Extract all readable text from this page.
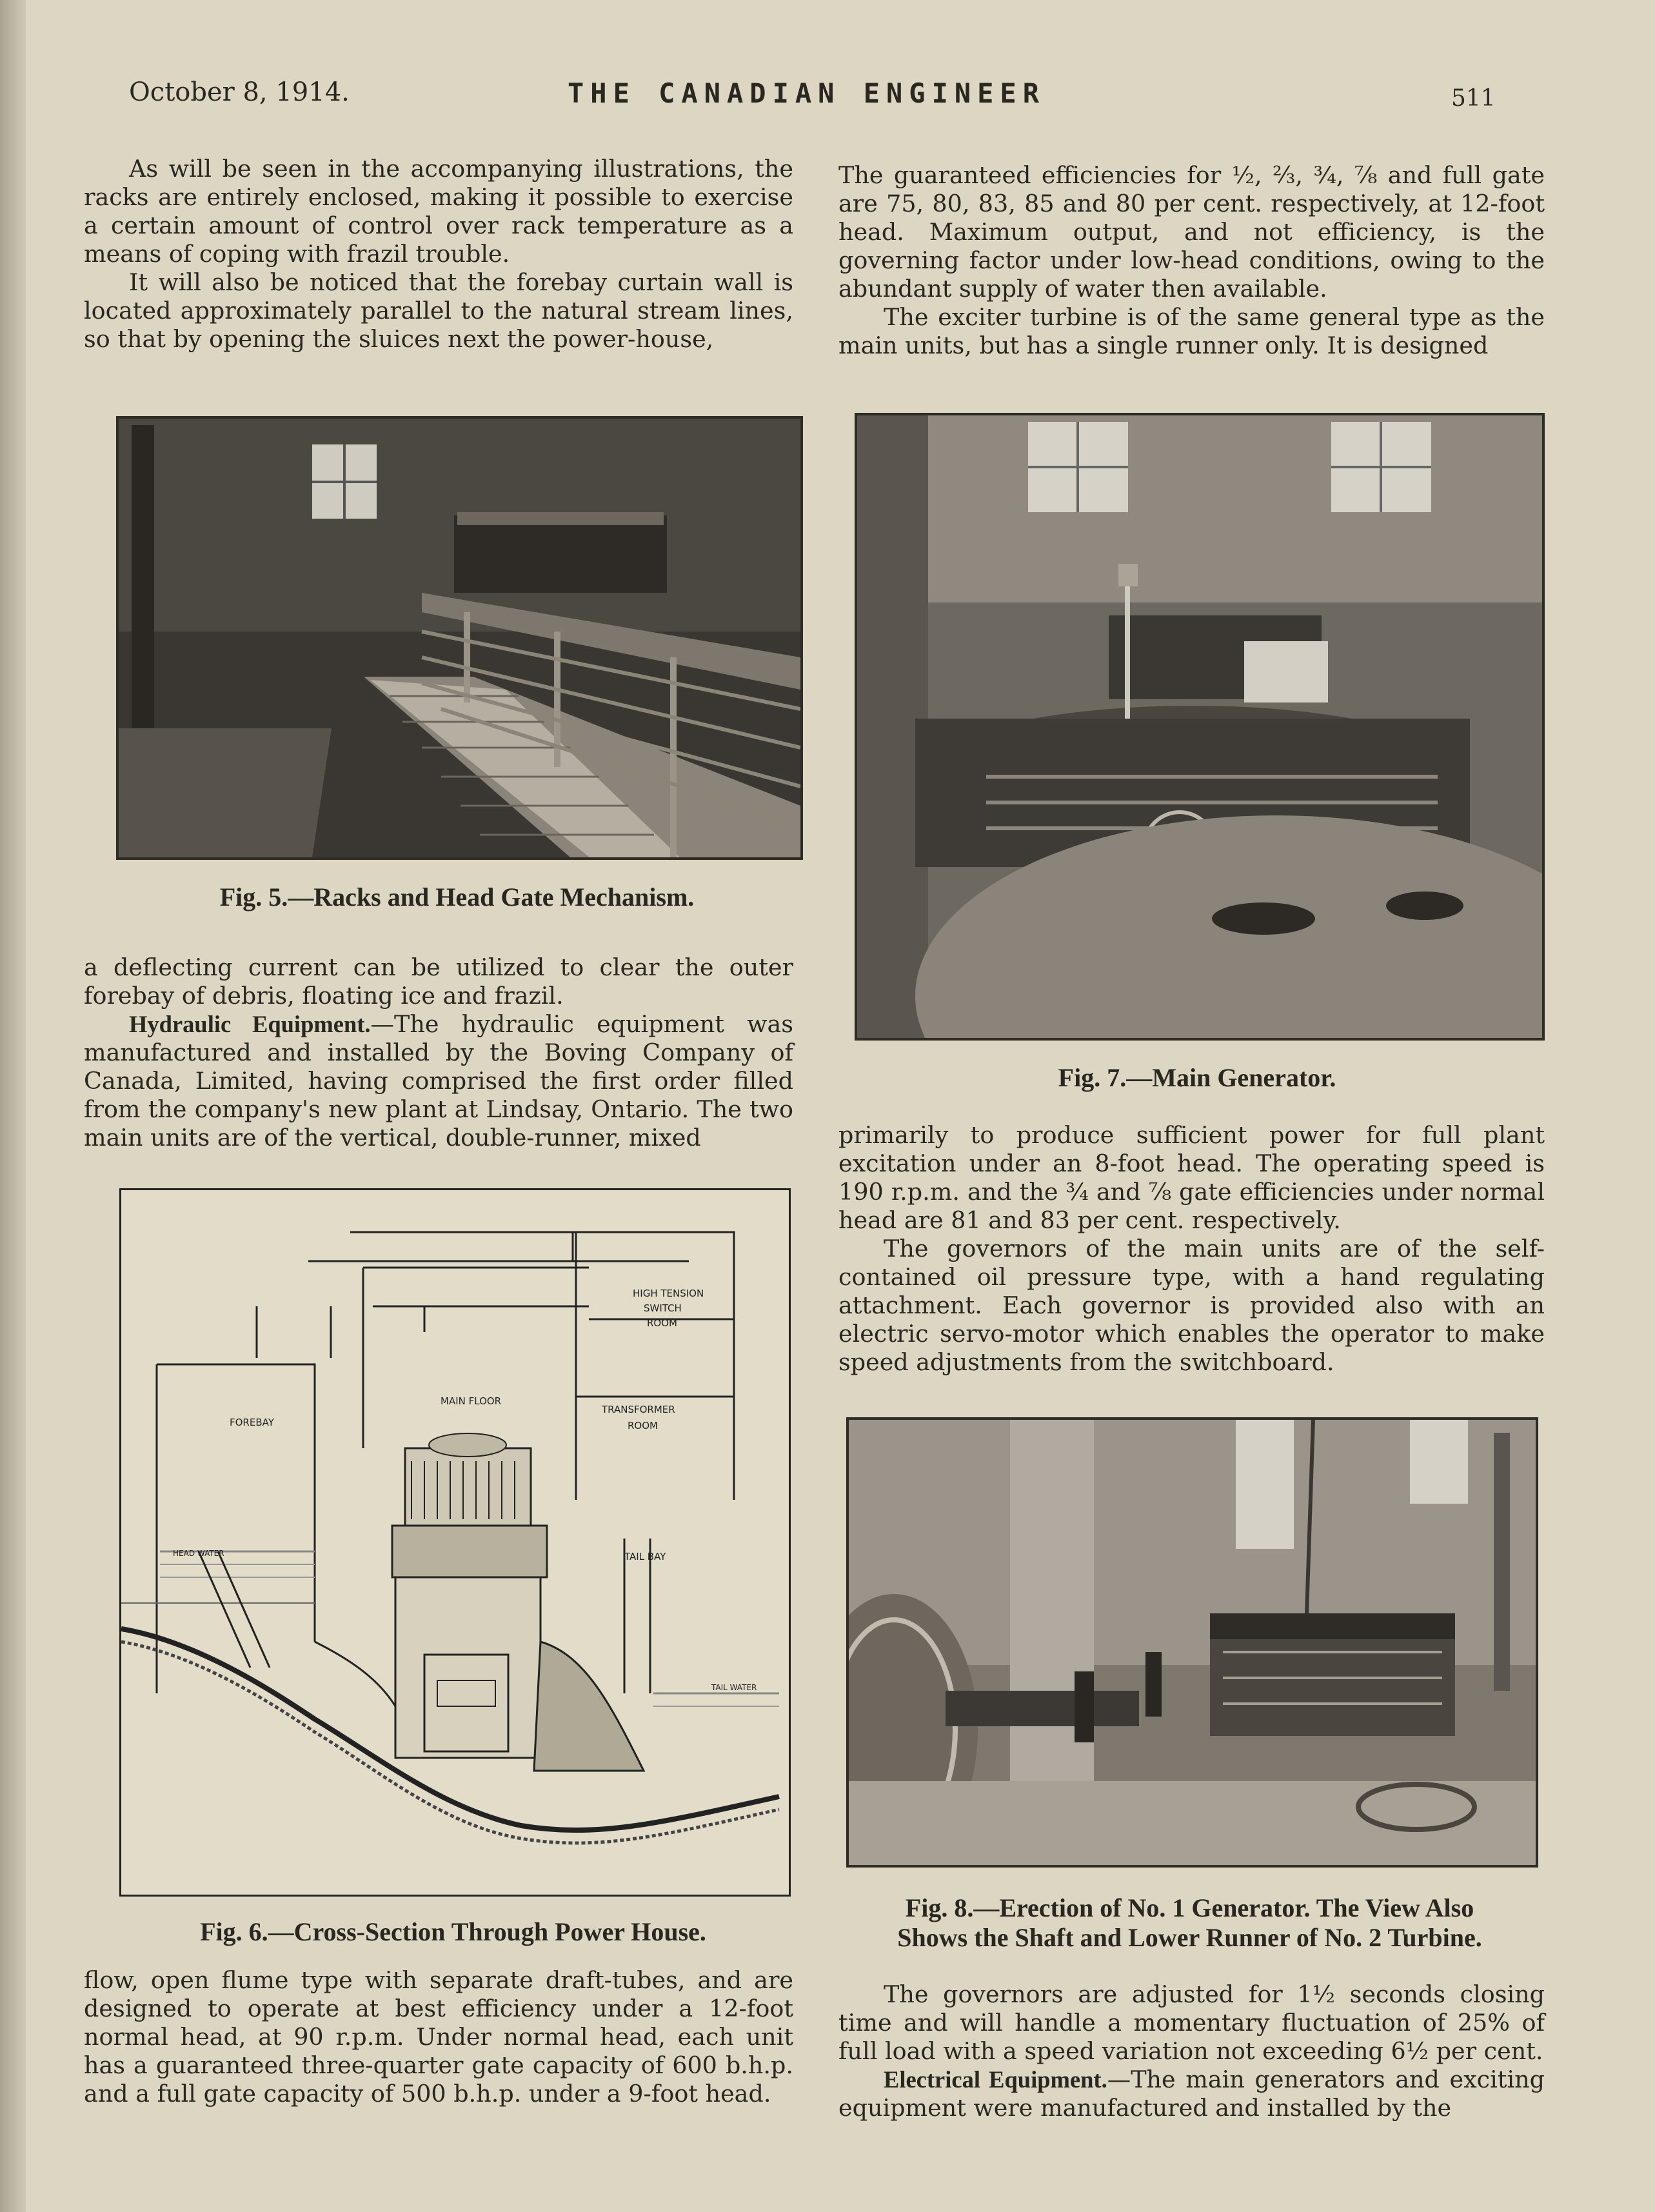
October 8, 1914.	THE CANADIAN ENGINEER	511

As will be seen in the accompanying illustrations, the racks are entirely enclosed, making it possible to exercise a certain amount of control over rack temperature as a means of coping with frazil trouble.

It will also be noticed that the forebay curtain wall is located approximately parallel to the natural stream lines, so that by opening the sluices next the power-house,

Fig. 5.—Racks and Head Gate Mechanism.

a deflecting current can be utilized to clear the outer forebay of debris, floating ice and frazil.

Hydraulic Equipment.—The hydraulic equipment was manufactured and installed by the Boving Company of Canada, Limited, having comprised the first order filled from the company's new plant at Lindsay, Ontario. The two main units are of the vertical, double-runner, mixed

FOREBAY
MAIN FLOOR
HIGH TENSION
SWITCH
ROOM
TRANSFORMER
ROOM
TAIL BAY
HEAD WATER
TAIL WATER
Fig. 6.—Cross-Section Through Power House.

flow, open flume type with separate draft-tubes, and are designed to operate at best efficiency under a 12-foot normal head, at 90 r.p.m. Under normal head, each unit has a guaranteed three-quarter gate capacity of 600 b.h.p. and a full gate capacity of 500 b.h.p. under a 9-foot head.

The guaranteed efficiencies for ½, ⅔, ¾, ⅞ and full gate are 75, 80, 83, 85 and 80 per cent. respectively, at 12-foot head. Maximum output, and not efficiency, is the governing factor under low-head conditions, owing to the abundant supply of water then available.

The exciter turbine is of the same general type as the main units, but has a single runner only. It is designed

Fig. 7.—Main Generator.

primarily to produce sufficient power for full plant excitation under an 8-foot head. The operating speed is 190 r.p.m. and the ¾ and ⅞ gate efficiencies under normal head are 81 and 83 per cent. respectively.

The governors of the main units are of the self-contained oil pressure type, with a hand regulating attachment. Each governor is provided also with an electric servo-motor which enables the operator to make speed adjustments from the switchboard.

Fig. 8.—Erection of No. 1 Generator. The View Also
Shows the Shaft and Lower Runner of No. 2 Turbine.

The governors are adjusted for 1½ seconds closing time and will handle a momentary fluctuation of 25% of full load with a speed variation not exceeding 6½ per cent.

Electrical Equipment.—The main generators and exciting equipment were manufactured and installed by the
